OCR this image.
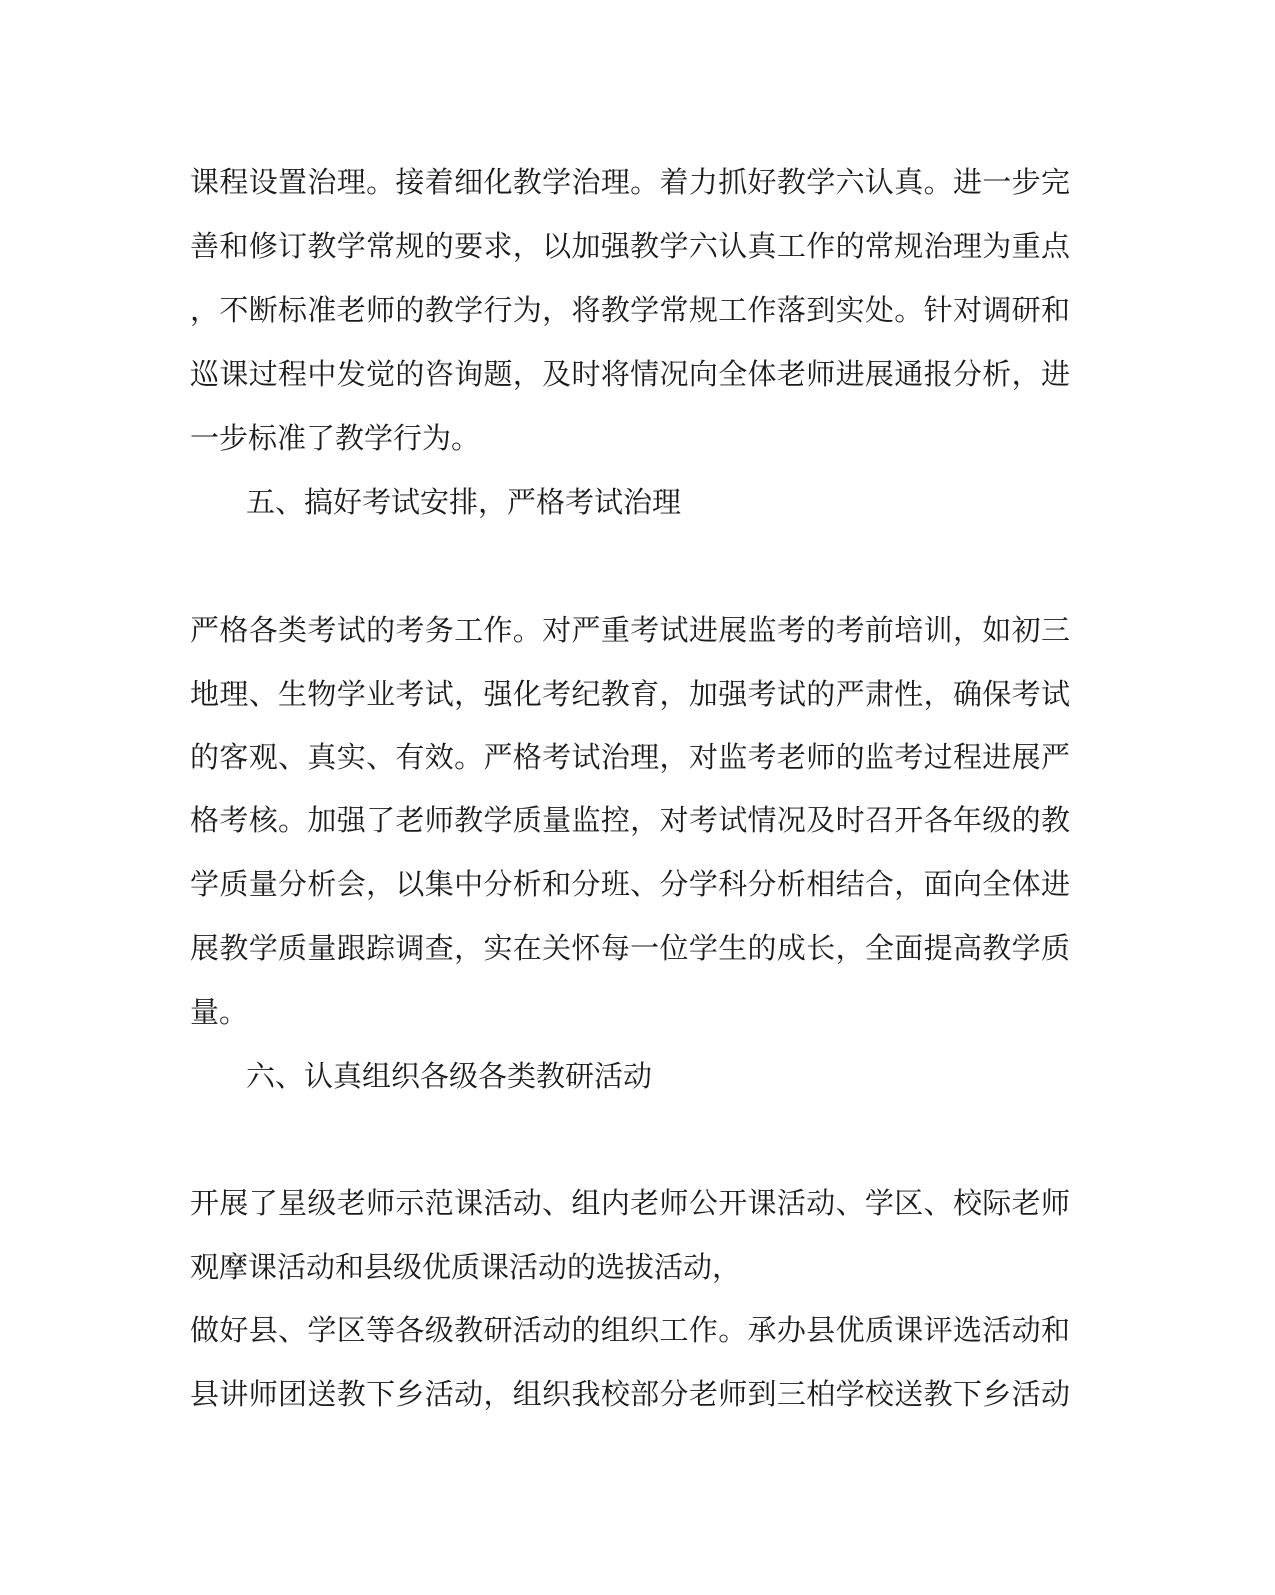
课程设置治理。接着细化教学治理。着力抓好教学六认真。进一步完
善和修订教学常规的要求，以加强教学六认真工作的常规治理为重点
，不断标准老师的教学行为，将教学常规工作落到实处。针对调研和
巡课过程中发觉的咨询题，及时将情况向全体老师进展通报分析，进
一步标准了教学行为。
五、搞好考试安排，严格考试治理
严格各类考试的考务工作。对严重考试进展监考的考前培训，如初三
地理、生物学业考试，强化考纪教育，加强考试的严肃性，确保考试
的客观、真实、有效。严格考试治理，对监考老师的监考过程进展严
格考核。加强了老师教学质量监控，对考试情况及时召开各年级的教
学质量分析会，以集中分析和分班、分学科分析相结合，面向全体进
展教学质量跟踪调查，实在关怀每一位学生的成长，全面提高教学质
量。
六、认真组织各级各类教研活动
开展了星级老师示范课活动、组内老师公开课活动、学区、校际老师
观摩课活动和县级优质课活动的选拔活动，
做好县、学区等各级教研活动的组织工作。承办县优质课评选活动和
县讲师团送教下乡活动，组织我校部分老师到三柏学校送教下乡活动
